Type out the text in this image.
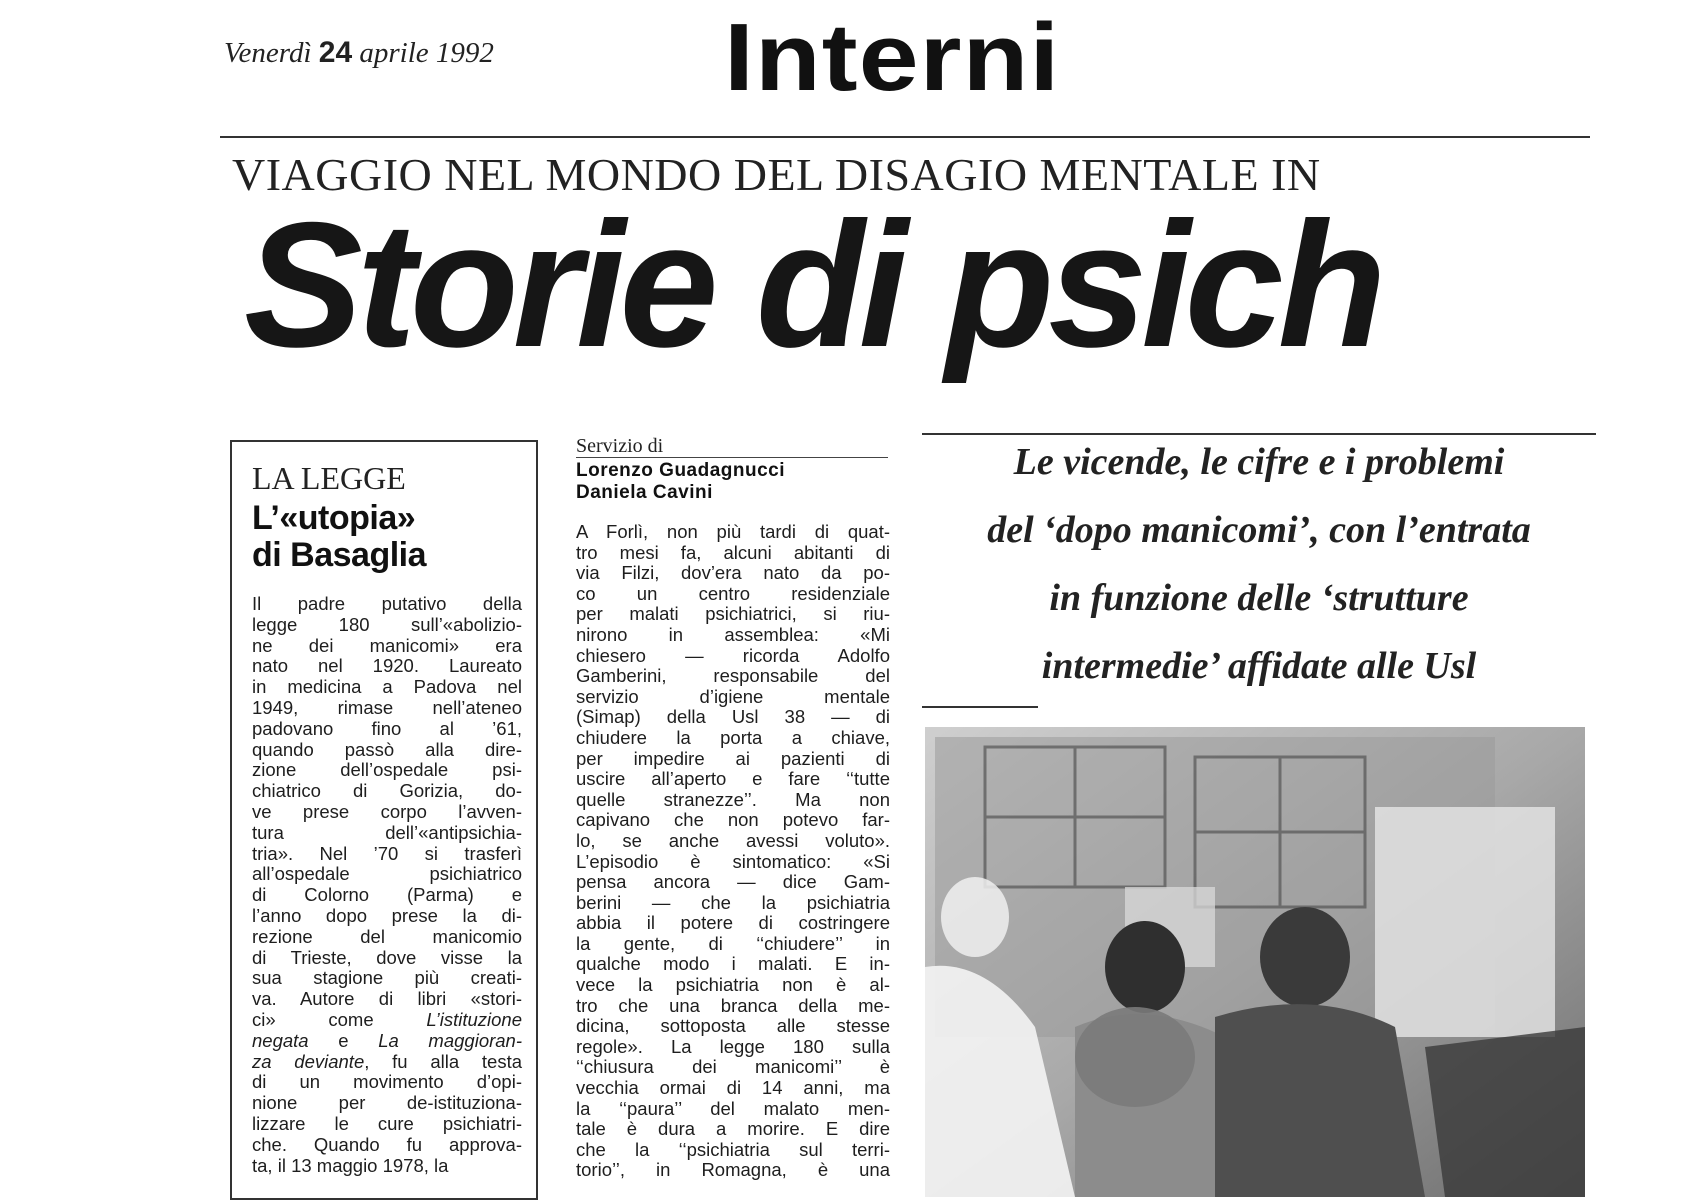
Venerdì 24 aprile 1992 Interni
VIAGGIO NEL MONDO DEL DISAGIO MENTALE IN
Storie di psich

LA LEGGE

L’«utopia»
di Basaglia

Il padre putativo della

legge 180 sull’«abolizio-

ne dei manicomi» era

nato nel 1920. Laureato

in medicina a Padova nel

1949, rimase nell’ateneo

padovano fino al ’61,

quando passò alla dire-

zione dell’ospedale psi-

chiatrico di Gorizia, do-

ve prese corpo l’avven-

tura dell’«antipsichia-

tria». Nel ’70 si trasferì

all’ospedale psichiatrico

di Colorno (Parma) e

l’anno dopo prese la di-

rezione del manicomio

di Trieste, dove visse la

sua stagione più creati-

va. Autore di libri «stori-

ci» come	L’istituzione

negata e La maggioran-

za deviante, fu alla testa

di un movimento d’opi-

nione per de-istituziona-

lizzare le cure psichiatri-

che. Quando fu approva-

ta, il 13 maggio 1978, la

Servizio di
Lorenzo Guadagnucci
Daniela Cavini

A Forlì, non più tardi di quat-

tro mesi fa, alcuni abitanti di

via Filzi, dov’era nato da po-

co un centro residenziale

per malati psichiatrici, si riu-

nirono in assemblea: «Mi

chiesero — ricorda Adolfo

Gamberini, responsabile del

servizio d’igiene mentale

(Simap) della Usl 38 — di

chiudere la porta a chiave,

per impedire ai pazienti di

uscire all’aperto e fare ‘‘tutte

quelle stranezze’’. Ma non

capivano che non potevo far-

lo, se anche avessi voluto».

L’episodio è sintomatico: «Si

pensa ancora — dice Gam-

berini — che la psichiatria

abbia il potere di costringere

la gente, di ‘‘chiudere’’ in

qualche modo i malati. E in-

vece la psichiatria non è al-

tro che una branca della me-

dicina, sottoposta alle stesse

regole». La legge 180 sulla

‘‘chiusura dei manicomi’’ è

vecchia ormai di 14 anni, ma

la ‘‘paura’’ del malato men-

tale è dura a morire. E dire

che la ‘‘psichiatria sul terri-

torio’’, in Romagna, è una

Le vicende, le cifre e i problemi
del ‘dopo manicomi’, con l’entrata
in funzione delle ‘strutture
intermedie’ affidate alle Usl
